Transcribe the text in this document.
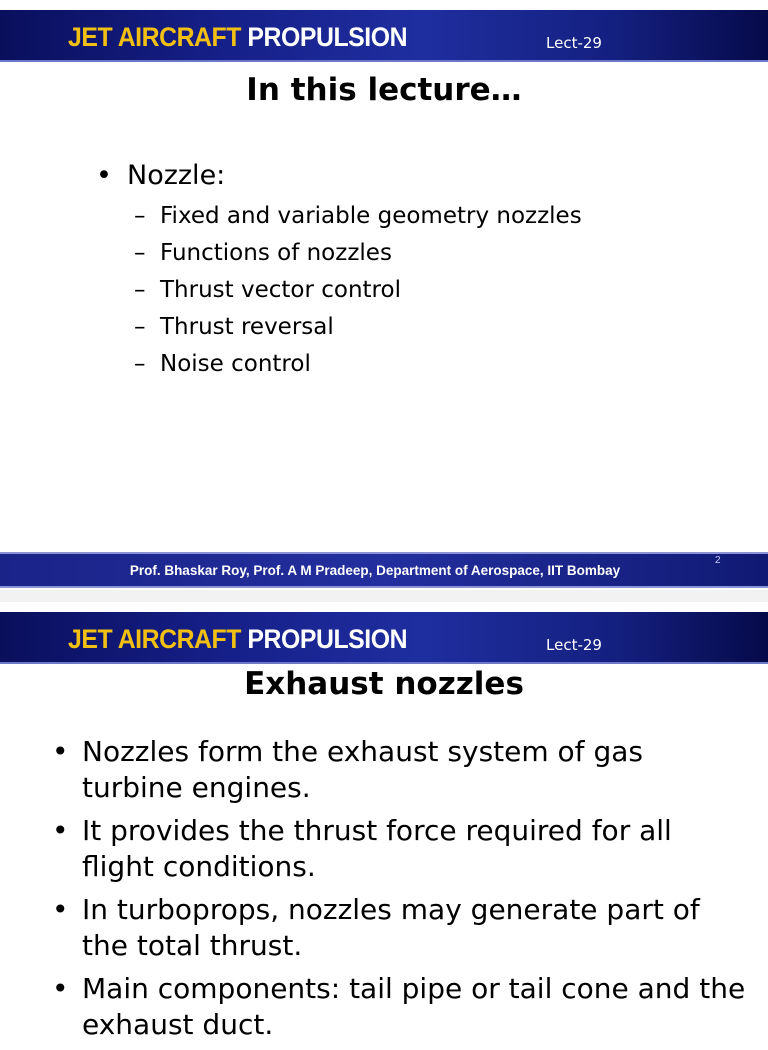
JET AIRCRAFT PROPULSION	Lect-29
In this lecture…
• Nozzle:
– Fixed and variable geometry nozzles
– Functions of nozzles
– Thrust vector control
– Thrust reversal
– Noise control
Prof. Bhaskar Roy, Prof. A M Pradeep, Department of Aerospace, IIT Bombay
2
JET AIRCRAFT PROPULSION	Lect-29
Exhaust nozzles
• Nozzles form the exhaust system of gas turbine engines.
• It provides the thrust force required for all flight conditions.
• In turboprops, nozzles may generate part of the total thrust.
• Main components: tail pipe or tail cone and the exhaust duct.
